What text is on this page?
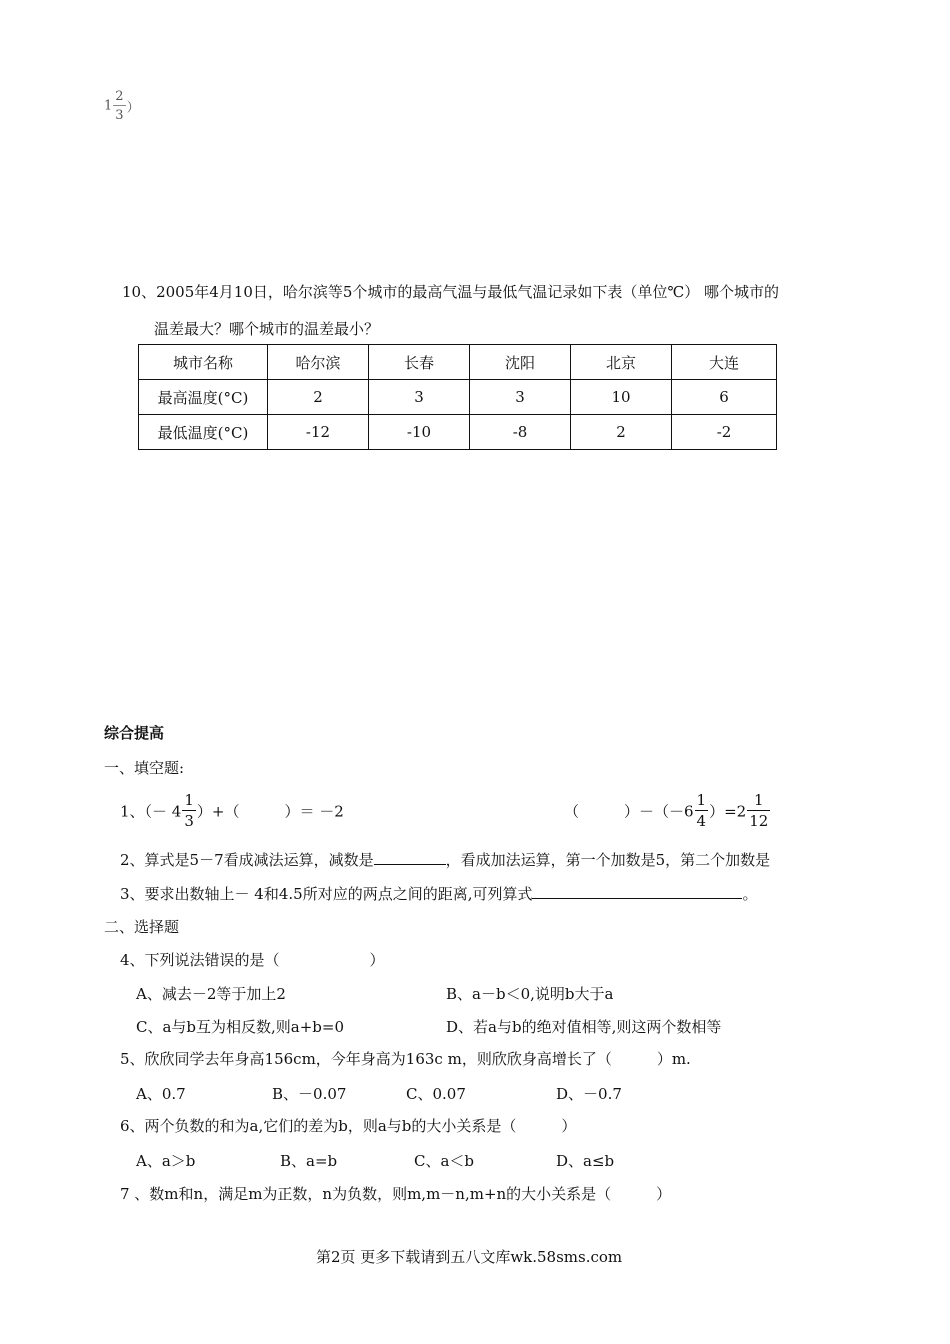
$1 \frac{2}{3}$ ）
10、2005年4月10日，哈尔滨等5个城市的最高气温与最低气温记录如下表（单位℃） 哪个城市的
温差最大？哪个城市的温差最小？
城市名称	哈尔滨	长春	沈阳	北京	大连
最高温度(°C)	2	3	3	10	6
最低温度(°C)	-12	-10	-8	2	-2
综合提高
一、填空题:
1、（－ $4 \frac{1}{3}$ ）+（　　　）＝ －2	（　　　）$-(-6 \frac{1}{4} )=2 \frac{1}{12}$
2、算式是5－7看成减法运算，减数是	，看成加法运算，第一个加数是5，第二个加数是
3、要求出数轴上－ 4和4.5所对应的两点之间的距离,可列算式	。
二、选择题
4、下列说法错误的是（　　　　　　）
A、减去－2等于加上2	B、a－b＜0,说明b大于a
C、a与b互为相反数,则a+b=0	D、若a与b的绝对值相等,则这两个数相等
5、欣欣同学去年身高156cm，今年身高为163c m，则欣欣身高增长了（　　　）m.
A、0.7	B、－0.07	C、0.07	D、－0.7
6、两个负数的和为a,它们的差为b，则a与b的大小关系是（　　　）
A、a＞b	B、a=b	C、a＜b	D、a≤b
7 、数m和n，满足m为正数，n为负数，则m,m－n,m+n的大小关系是（　　　）
第2页 更多下载请到五八文库wk.58sms.com
